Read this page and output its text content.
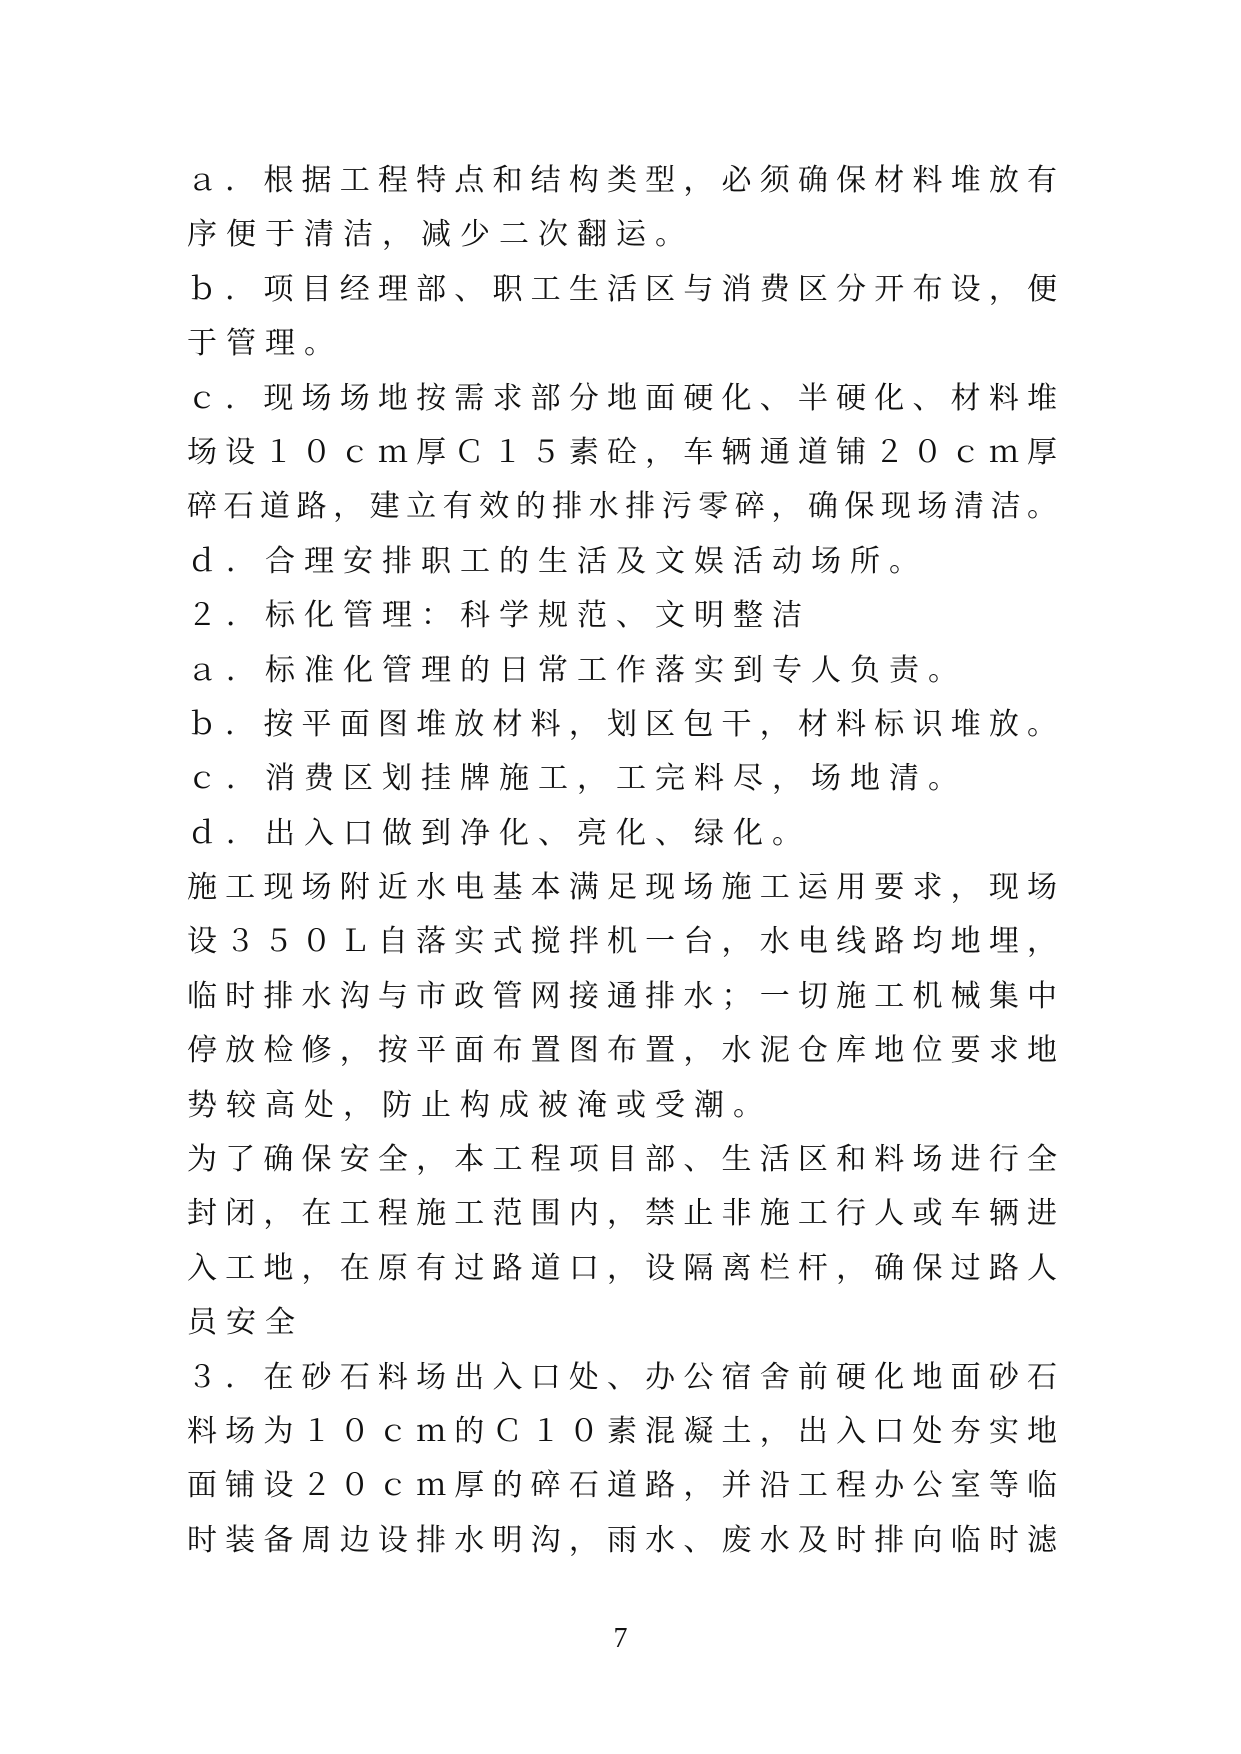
ａ．根据工程特点和结构类型，必须确保材料堆放有
序便于清洁，减少二次翻运。
ｂ．项目经理部、职工生活区与消费区分开布设，便
于管理。
ｃ．现场场地按需求部分地面硬化、半硬化、材料堆
场设１０ｃｍ厚Ｃ１５素砼，车辆通道铺２０ｃｍ厚
碎石道路，建立有效的排水排污零碎，确保现场清洁。
ｄ．合理安排职工的生活及文娱活动场所。
２．标化管理：科学规范、文明整洁
ａ．标准化管理的日常工作落实到专人负责。
ｂ．按平面图堆放材料，划区包干，材料标识堆放。
ｃ．消费区划挂牌施工，工完料尽，场地清。
ｄ．出入口做到净化、亮化、绿化。
施工现场附近水电基本满足现场施工运用要求，现场
设３５０Ｌ自落实式搅拌机一台，水电线路均地埋，
临时排水沟与市政管网接通排水；一切施工机械集中
停放检修，按平面布置图布置，水泥仓库地位要求地
势较高处，防止构成被淹或受潮。
为了确保安全，本工程项目部、生活区和料场进行全
封闭，在工程施工范围内，禁止非施工行人或车辆进
入工地，在原有过路道口，设隔离栏杆，确保过路人
员安全
３．在砂石料场出入口处、办公宿舍前硬化地面砂石
料场为１０ｃｍ的Ｃ１０素混凝土，出入口处夯实地
面铺设２０ｃｍ厚的碎石道路，并沿工程办公室等临
时装备周边设排水明沟，雨水、废水及时排向临时滤
7
